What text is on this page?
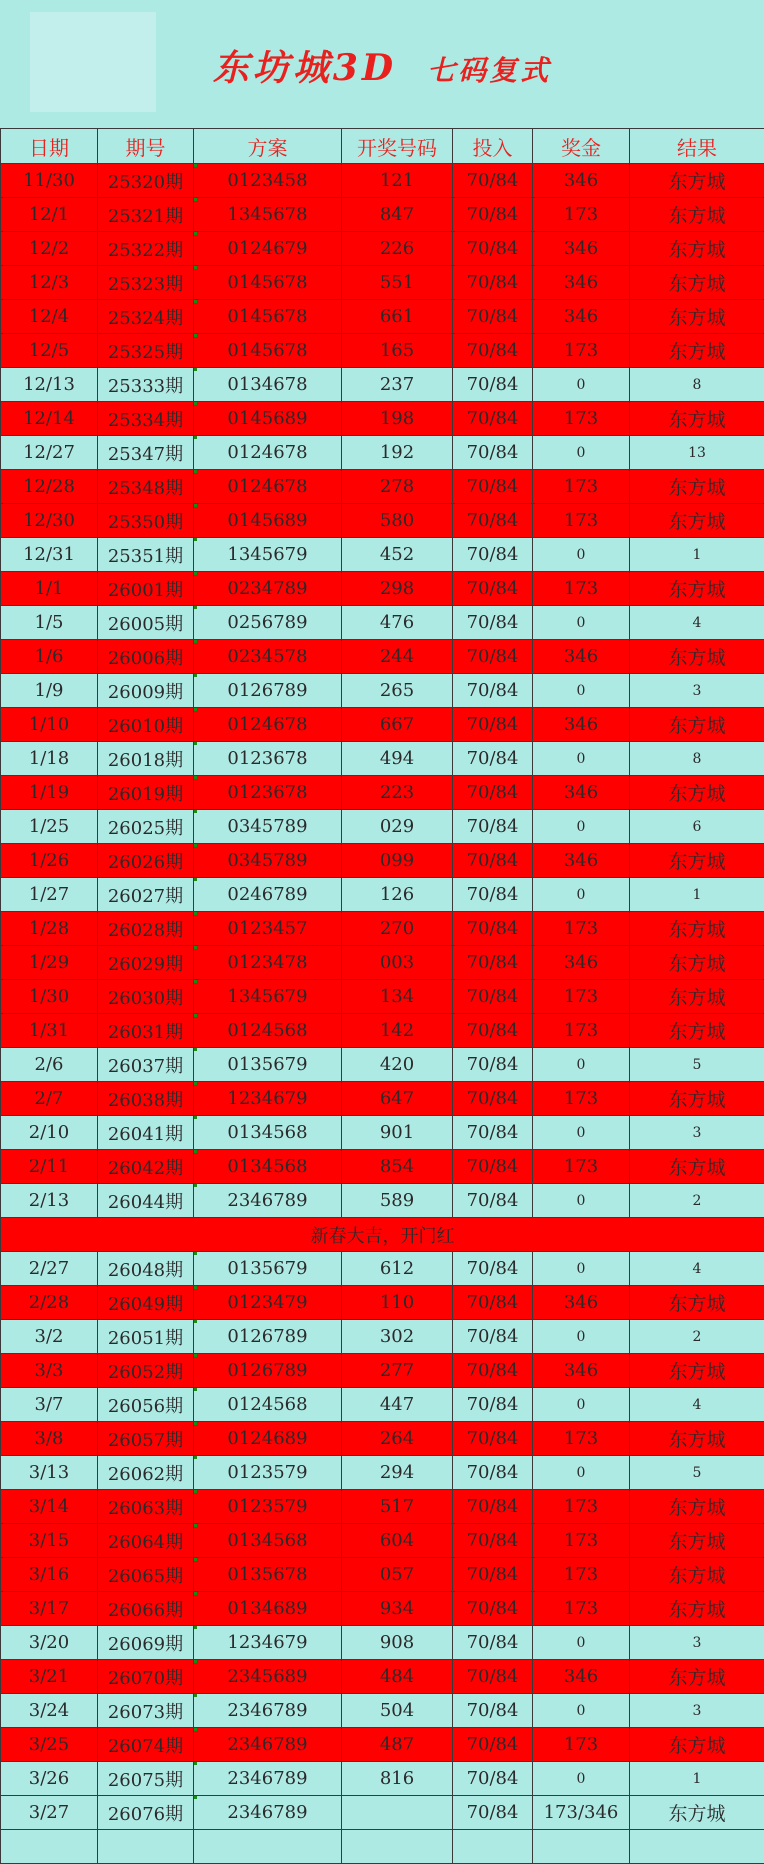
东坊城3D 七码复式
日期	期号	方案	开奖号码	投入	奖金	结果
11/30	25320期	0123458	121	70/84	346	东方城
12/1	25321期	1345678	847	70/84	173	东方城
12/2	25322期	0124679	226	70/84	346	东方城
12/3	25323期	0145678	551	70/84	346	东方城
12/4	25324期	0145678	661	70/84	346	东方城
12/5	25325期	0145678	165	70/84	173	东方城
12/13	25333期	0134678	237	70/84	0	8
12/14	25334期	0145689	198	70/84	173	东方城
12/27	25347期	0124678	192	70/84	0	13
12/28	25348期	0124678	278	70/84	173	东方城
12/30	25350期	0145689	580	70/84	173	东方城
12/31	25351期	1345679	452	70/84	0	1
1/1	26001期	0234789	298	70/84	173	东方城
1/5	26005期	0256789	476	70/84	0	4
1/6	26006期	0234578	244	70/84	346	东方城
1/9	26009期	0126789	265	70/84	0	3
1/10	26010期	0124678	667	70/84	346	东方城
1/18	26018期	0123678	494	70/84	0	8
1/19	26019期	0123678	223	70/84	346	东方城
1/25	26025期	0345789	029	70/84	0	6
1/26	26026期	0345789	099	70/84	346	东方城
1/27	26027期	0246789	126	70/84	0	1
1/28	26028期	0123457	270	70/84	173	东方城
1/29	26029期	0123478	003	70/84	346	东方城
1/30	26030期	1345679	134	70/84	173	东方城
1/31	26031期	0124568	142	70/84	173	东方城
2/6	26037期	0135679	420	70/84	0	5
2/7	26038期	1234679	647	70/84	173	东方城
2/10	26041期	0134568	901	70/84	0	3
2/11	26042期	0134568	854	70/84	173	东方城
2/13	26044期	2346789	589	70/84	0	2
新春大吉，开门红						
2/27	26048期	0135679	612	70/84	0	4
2/28	26049期	0123479	110	70/84	346	东方城
3/2	26051期	0126789	302	70/84	0	2
3/3	26052期	0126789	277	70/84	346	东方城
3/7	26056期	0124568	447	70/84	0	4
3/8	26057期	0124689	264	70/84	173	东方城
3/13	26062期	0123579	294	70/84	0	5
3/14	26063期	0123579	517	70/84	173	东方城
3/15	26064期	0134568	604	70/84	173	东方城
3/16	26065期	0135678	057	70/84	173	东方城
3/17	26066期	0134689	934	70/84	173	东方城
3/20	26069期	1234679	908	70/84	0	3
3/21	26070期	2345689	484	70/84	346	东方城
3/24	26073期	2346789	504	70/84	0	3
3/25	26074期	2346789	487	70/84	173	东方城
3/26	26075期	2346789	816	70/84	0	1
3/27	26076期	2346789		70/84	173/346	东方城
